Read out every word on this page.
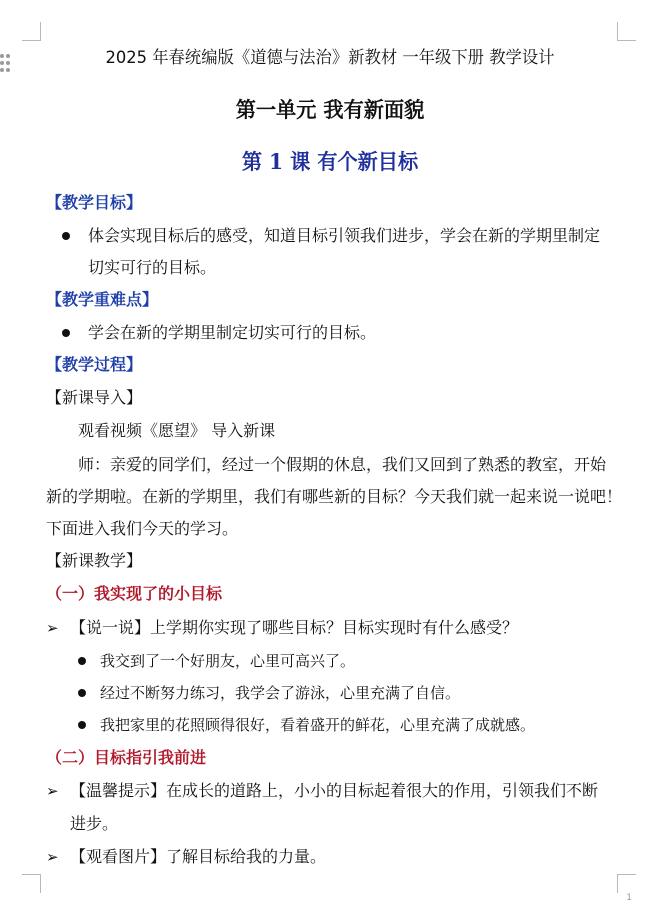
2025 年春统编版《道德与法治》新教材 一年级下册 教学设计
第一单元 我有新面貌
第 1 课 有个新目标
【教学目标】
体会实现目标后的感受，知道目标引领我们进步，学会在新的学期里制定
切实可行的目标。
【教学重难点】
学会在新的学期里制定切实可行的目标。
【教学过程】
【新课导入】
观看视频《愿望》 导入新课
师：亲爱的同学们，经过一个假期的休息，我们又回到了熟悉的教室，开始
新的学期啦。在新的学期里，我们有哪些新的目标？今天我们就一起来说一说吧！
下面进入我们今天的学习。
【新课教学】
（一）我实现了的小目标
➢ 【说一说】上学期你实现了哪些目标？目标实现时有什么感受？
我交到了一个好朋友，心里可高兴了。
经过不断努力练习，我学会了游泳，心里充满了自信。
我把家里的花照顾得很好，看着盛开的鲜花，心里充满了成就感。
（二）目标指引我前进
➢ 【温馨提示】在成长的道路上，小小的目标起着很大的作用，引领我们不断
进步。
➢ 【观看图片】了解目标给我的力量。
1
